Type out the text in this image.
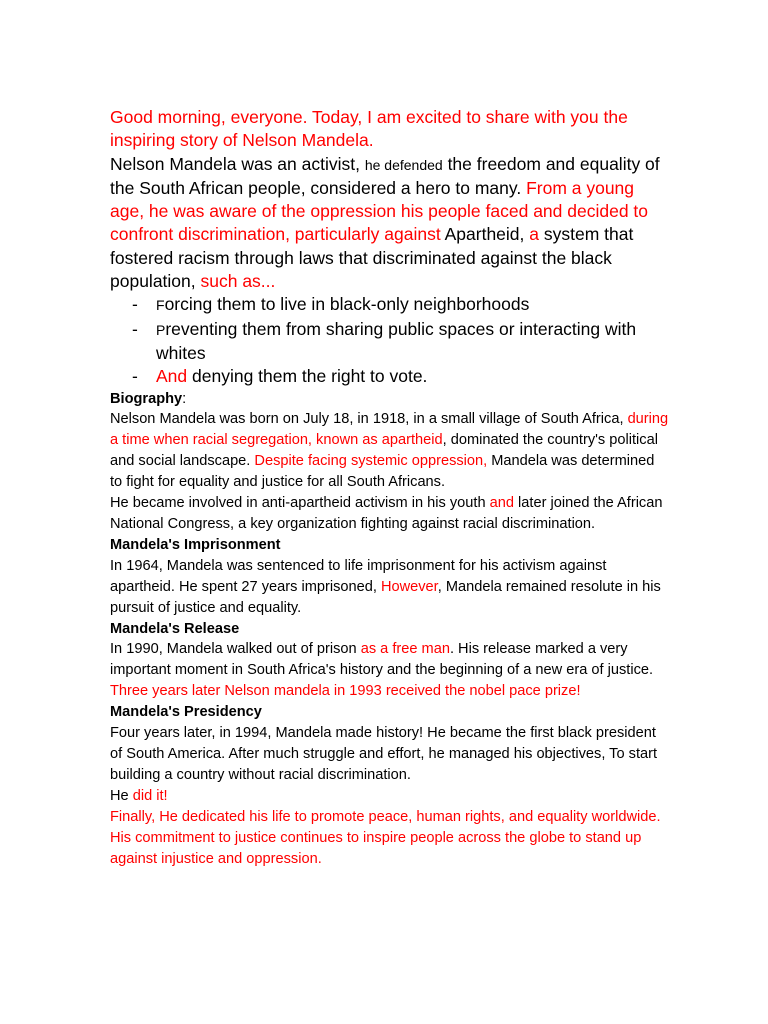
Good morning, everyone. Today, I am excited to share with you the inspiring story of Nelson Mandela.

Nelson Mandela was an activist, he defended the freedom and equality of the South African people, considered a hero to many. From a young age, he was aware of the oppression his people faced and decided to confront discrimination, particularly against Apartheid, a system that fostered racism through laws that discriminated against the black population, such as...

- Forcing them to live in black-only neighborhoods
- Preventing them from sharing public spaces or interacting with whites
- And denying them the right to vote.
Biography:

Nelson Mandela was born on July 18, in 1918, in a small village of South Africa, during a time when racial segregation, known as apartheid, dominated the country's political and social landscape. Despite facing systemic oppression, Mandela was determined to fight for equality and justice for all South Africans.

He became involved in anti-apartheid activism in his youth and later joined the African National Congress, a key organization fighting against racial discrimination.

Mandela's Imprisonment

In 1964, Mandela was sentenced to life imprisonment for his activism against apartheid. He spent 27 years imprisoned, However, Mandela remained resolute in his pursuit of justice and equality.

Mandela's Release

In 1990, Mandela walked out of prison as a free man. His release marked a very important moment in South Africa's history and the beginning of a new era of justice.

Three years later Nelson mandela in 1993 received the nobel pace prize!

Mandela's Presidency

Four years later, in 1994, Mandela made history! He became the first black president of South America. After much struggle and effort, he managed his objectives, To start building a country without racial discrimination.

He did it!

Finally, He dedicated his life to promote peace, human rights, and equality worldwide. His commitment to justice continues to inspire people across the globe to stand up against injustice and oppression.
